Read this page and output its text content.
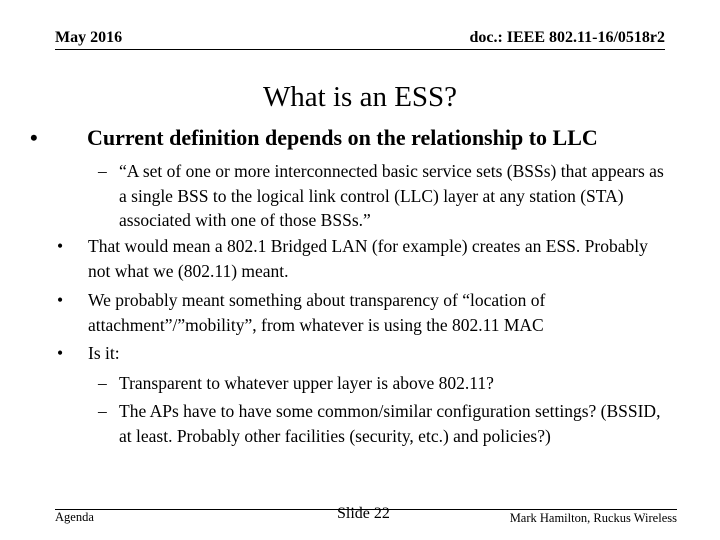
May 2016	doc.: IEEE 802.11-16/0518r2
What is an ESS?
• Current definition depends on the relationship to LLC
– “A set of one or more interconnected basic service sets (BSSs) that appears as a single BSS to the logical link control (LLC) layer at any station (STA) associated with one of those BSSs.”
• That would mean a 802.1 Bridged LAN (for example) creates an ESS. Probably not what we (802.11) meant.
• We probably meant something about transparency of “location of attachment”/”mobility”, from whatever is using the 802.11 MAC
• Is it:
– Transparent to whatever upper layer is above 802.11?
– The APs have to have some common/similar configuration settings? (BSSID, at least. Probably other facilities (security, etc.) and policies?)
Agenda	Slide 22	Mark Hamilton, Ruckus Wireless
